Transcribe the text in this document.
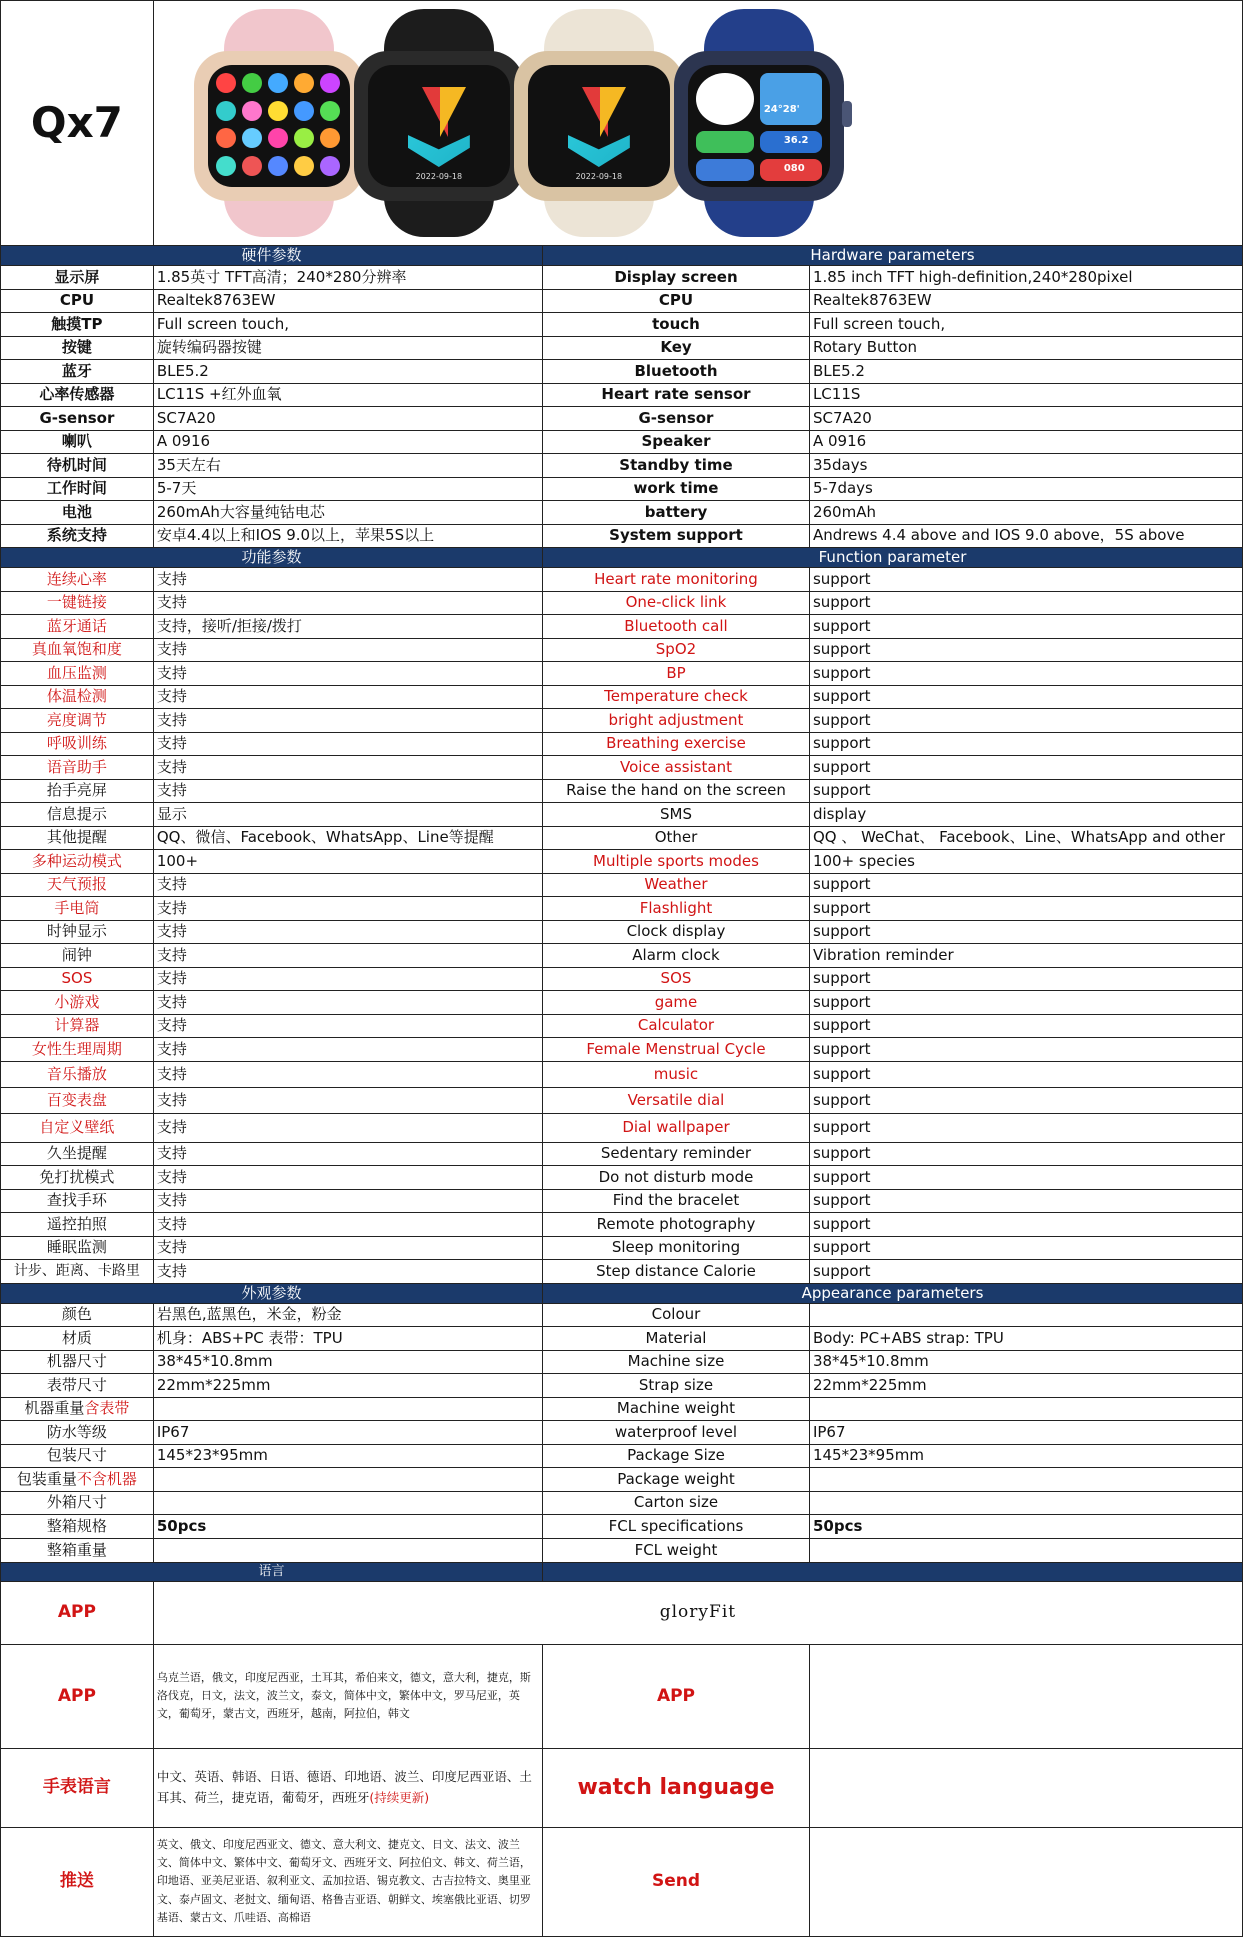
Qx7	2022-09-18 2022-09-18
24°28'
36.2
080		

硬件参数		Hardware parameters	
显示屏	1.85英寸 TFT高清；240*280分辨率	Display screen	1.85 inch TFT high-definition,240*280pixel
CPU	Realtek8763EW	CPU	Realtek8763EW
触摸TP	Full screen touch,	touch	Full screen touch,
按键	旋转编码器按键	Key	Rotary Button
蓝牙	BLE5.2	Bluetooth	BLE5.2
心率传感器	LC11S +红外血氧	Heart rate sensor	LC11S
G-sensor	SC7A20	G-sensor	SC7A20
喇叭	A 0916	Speaker	A 0916
待机时间	35天左右	Standby time	35days
工作时间	5-7天	work time	5-7days
电池	260mAh大容量纯钴电芯	battery	260mAh
系统支持	安卓4.4以上和IOS 9.0以上，苹果5S以上	System support	Andrews 4.4 above and IOS 9.0 above，5S above
功能参数		Function parameter	
连续心率	支持	Heart rate monitoring	support
一键链接	支持	One-click link	support
蓝牙通话	支持，接听/拒接/拨打	Bluetooth call	support
真血氧饱和度	支持	SpO2	support
血压监测	支持	BP	support
体温检测	支持	Temperature check	support
亮度调节	支持	bright adjustment	support
呼吸训练	支持	Breathing exercise	support
语音助手	支持	Voice assistant	support
抬手亮屏	支持	Raise the hand on the screen	support
信息提示	显示	SMS	display
其他提醒	QQ、微信、Facebook、WhatsApp、Line等提醒	Other	QQ 、 WeChat、 Facebook、Line、WhatsApp and other
多种运动模式	100+	Multiple sports modes	100+ species
天气预报	支持	Weather	support
手电筒	支持	Flashlight	support
时钟显示	支持	Clock display	support
闹钟	支持	Alarm clock	Vibration reminder
SOS	支持	SOS	support
小游戏	支持	game	support
计算器	支持	Calculator	support
女性生理周期	支持	Female Menstrual Cycle	support
音乐播放	支持	music	support
百变表盘	支持	Versatile dial	support
自定义壁纸	支持	Dial wallpaper	support
久坐提醒	支持	Sedentary reminder	support
免打扰模式	支持	Do not disturb mode	support
查找手环	支持	Find the bracelet	support
遥控拍照	支持	Remote photography	support
睡眠监测	支持	Sleep monitoring	support
计步、距离、卡路里	支持	Step distance Calorie	support
外观参数		Appearance parameters	
颜色	岩黑色,蓝黑色，米金，粉金	Colour	
材质	机身：ABS+PC 表带：TPU	Material	Body: PC+ABS strap: TPU
机器尺寸	38*45*10.8mm	Machine size	38*45*10.8mm
表带尺寸	22mm*225mm	Strap size	22mm*225mm
机器重量含表带		Machine weight	
防水等级	IP67	waterproof level	IP67
包装尺寸	145*23*95mm	Package Size	145*23*95mm
包装重量不含机器		Package weight	
外箱尺寸		Carton size	
整箱规格	50pcs	FCL specifications	50pcs
整箱重量		FCL weight	
语言			
APP	gloryFit		
APP	乌克兰语，俄文，印度尼西亚，土耳其，希伯来文，德文，意大利，捷克，斯洛伐克，日文，法文，波兰文，泰文，简体中文，繁体中文，罗马尼亚，英文，葡萄牙，蒙古文，西班牙，越南，阿拉伯，韩文	APP	
手表语言	中文、英语、韩语、日语、德语、印地语、波兰、印度尼西亚语、土耳其、荷兰，捷克语，葡萄牙，西班牙(持续更新)	watch language	
推送	英文、俄文、印度尼西亚文、德文、意大利文、捷克文、日文、法文、波兰文、简体中文、繁体中文、葡萄牙文、西班牙文、阿拉伯文、韩文、荷兰语，印地语、亚美尼亚语、叙利亚文、孟加拉语、锡克教文、古吉拉特文、奥里亚文、泰卢固文、老挝文、缅甸语、格鲁吉亚语、朝鲜文、埃塞俄比亚语、切罗基语、蒙古文、爪哇语、高棉语	Send	
